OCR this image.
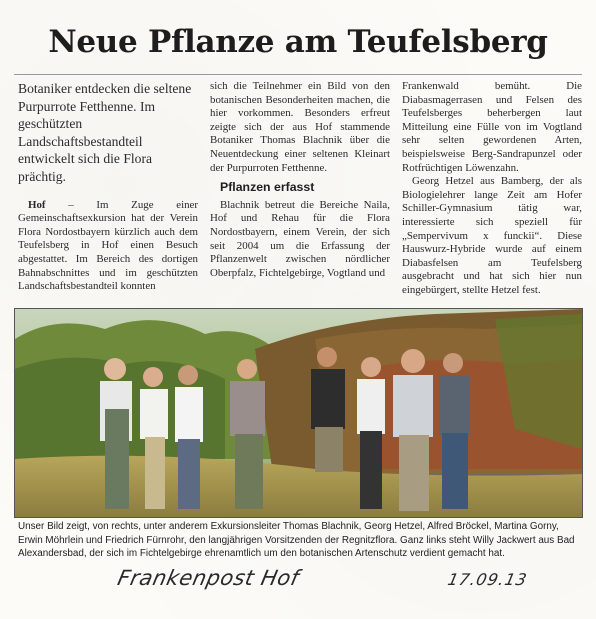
Neue Pflanze am Teufelsberg

Botaniker entdecken die seltene Purpurrote Fetthenne. Im geschützten Landschaftsbestandteil entwickelt sich die Flora prächtig.

Hof – Im Zuge einer Gemeinschaftsexkursion hat der Verein Flora Nordostbayern kürzlich auch dem Teufelsberg in Hof einen Besuch abgestattet. Im Bereich des dortigen Bahnabschnittes und im geschützten Landschaftsbestandteil konnten

sich die Teilnehmer ein Bild von den botanischen Besonderheiten machen, die hier vorkommen. Besonders erfreut zeigte sich der aus Hof stammende Botaniker Thomas Blachnik über die Neuentdeckung einer seltenen Kleinart der Purpurroten Fetthenne.

Pflanzen erfasst

Blachnik betreut die Bereiche Naila, Hof und Rehau für die Flora Nordostbayern, einem Verein, der sich seit 2004 um die Erfassung der Pflanzenwelt zwischen nördlicher Oberpfalz, Fichtelgebirge, Vogtland und

Frankenwald bemüht. Die Diabasmagerrasen und Felsen des Teufelsberges beherbergen laut Mitteilung eine Fülle von im Vogtland sehr selten gewordenen Arten, beispielsweise Berg-Sandrapunzel oder Rotfrüchtigen Löwenzahn.

Georg Hetzel aus Bamberg, der als Biologielehrer lange Zeit am Hofer Schiller-Gymnasium tätig war, interessierte sich speziell für „Sempervivum x funckii“. Diese Hauswurz-Hybride wurde auf einem Diabasfelsen am Teufelsberg ausgebracht und hat sich hier nun eingebürgert, stellte Hetzel fest.

Unser Bild zeigt, von rechts, unter anderem Exkursionsleiter Thomas Blachnik, Georg Hetzel, Alfred Bröckel, Martina Gorny, Erwin Möhrlein und Friedrich Fürnrohr, den langjährigen Vorsitzenden der Regnitzflora. Ganz links steht Willy Jackwert aus Bad Alexandersbad, der sich im Fichtelgebirge ehrenamtlich um den botanischen Artenschutz verdient gemacht hat.

Frankenpost Hof	17.09.13
